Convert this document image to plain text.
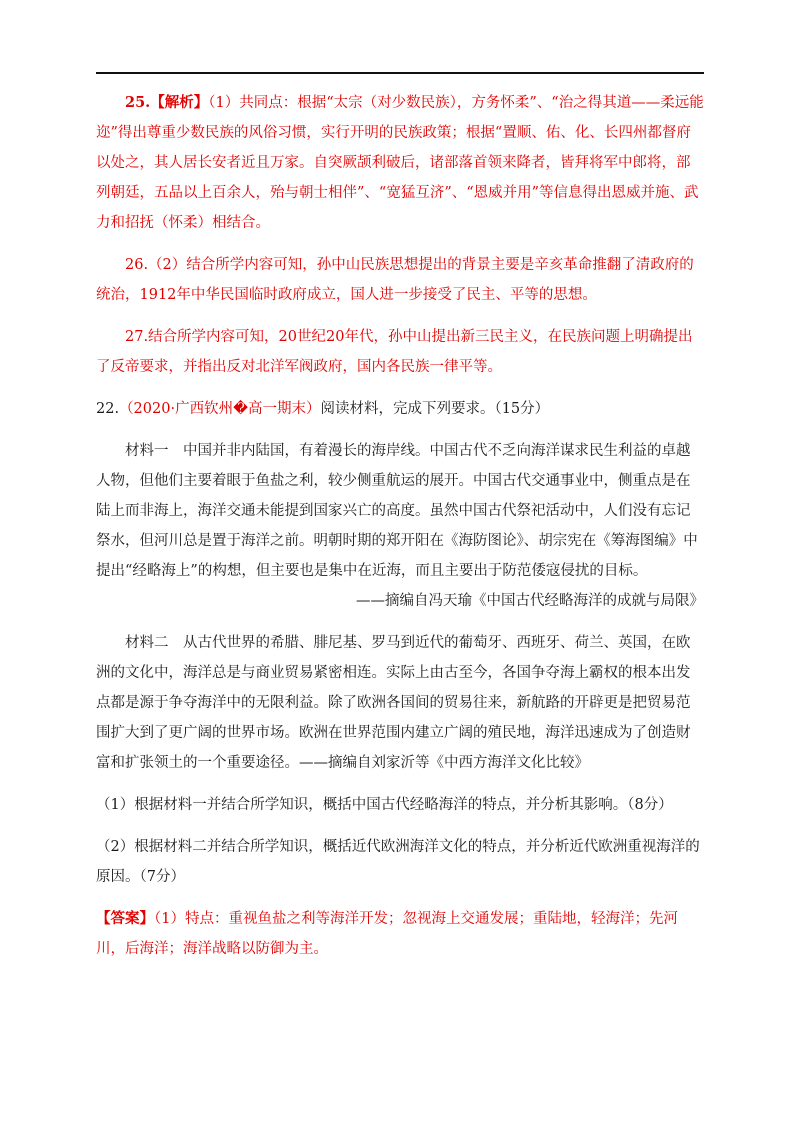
25.【解析】（1）共同点：根据“太宗（对少数民族），方务怀柔”、“治之得其道——柔远能迩”得出尊重少数民族的风俗习惯，实行开明的民族政策；根据“置顺、佑、化、长四州都督府以处之，其人居长安者近且万家。自突厥颉利破后，诸部落首领来降者，皆拜将军中郎将，部列朝廷，五品以上百余人，殆与朝士相伴”、“宽猛互济”、“恩威并用”等信息得出恩威并施、武力和招抚（怀柔）相结合。

26.（2）结合所学内容可知，孙中山民族思想提出的背景主要是辛亥革命推翻了清政府的统治，1912年中华民国临时政府成立，国人进一步接受了民主、平等的思想。

27.结合所学内容可知，20世纪20年代，孙中山提出新三民主义，在民族问题上明确提出了反帝要求，并指出反对北洋军阀政府，国内各民族一律平等。

22.（2020·广西钦州�高一期末）阅读材料，完成下列要求。（15分）

材料一　中国并非内陆国，有着漫长的海岸线。中国古代不乏向海洋谋求民生利益的卓越人物，但他们主要着眼于鱼盐之利，较少侧重航运的展开。中国古代交通事业中，侧重点是在陆上而非海上，海洋交通未能提到国家兴亡的高度。虽然中国古代祭祀活动中，人们没有忘记祭水，但河川总是置于海洋之前。明朝时期的郑开阳在《海防图论》、胡宗宪在《筹海图编》中提出“经略海上”的构想，但主要也是集中在近海，而且主要出于防范倭寇侵扰的目标。

——摘编自冯天瑜《中国古代经略海洋的成就与局限》

材料二　从古代世界的希腊、腓尼基、罗马到近代的葡萄牙、西班牙、荷兰、英国，在欧洲的文化中，海洋总是与商业贸易紧密相连。实际上由古至今，各国争夺海上霸权的根本出发点都是源于争夺海洋中的无限利益。除了欧洲各国间的贸易往来，新航路的开辟更是把贸易范围扩大到了更广阔的世界市场。欧洲在世界范围内建立广阔的殖民地，海洋迅速成为了创造财富和扩张领土的一个重要途径。——摘编自刘家沂等《中西方海洋文化比较》

（1）根据材料一并结合所学知识，概括中国古代经略海洋的特点，并分析其影响。（8分）

（2）根据材料二并结合所学知识，概括近代欧洲海洋文化的特点，并分析近代欧洲重视海洋的原因。（7分）

【答案】（1）特点：重视鱼盐之利等海洋开发；忽视海上交通发展；重陆地，轻海洋；先河川，后海洋；海洋战略以防御为主。
